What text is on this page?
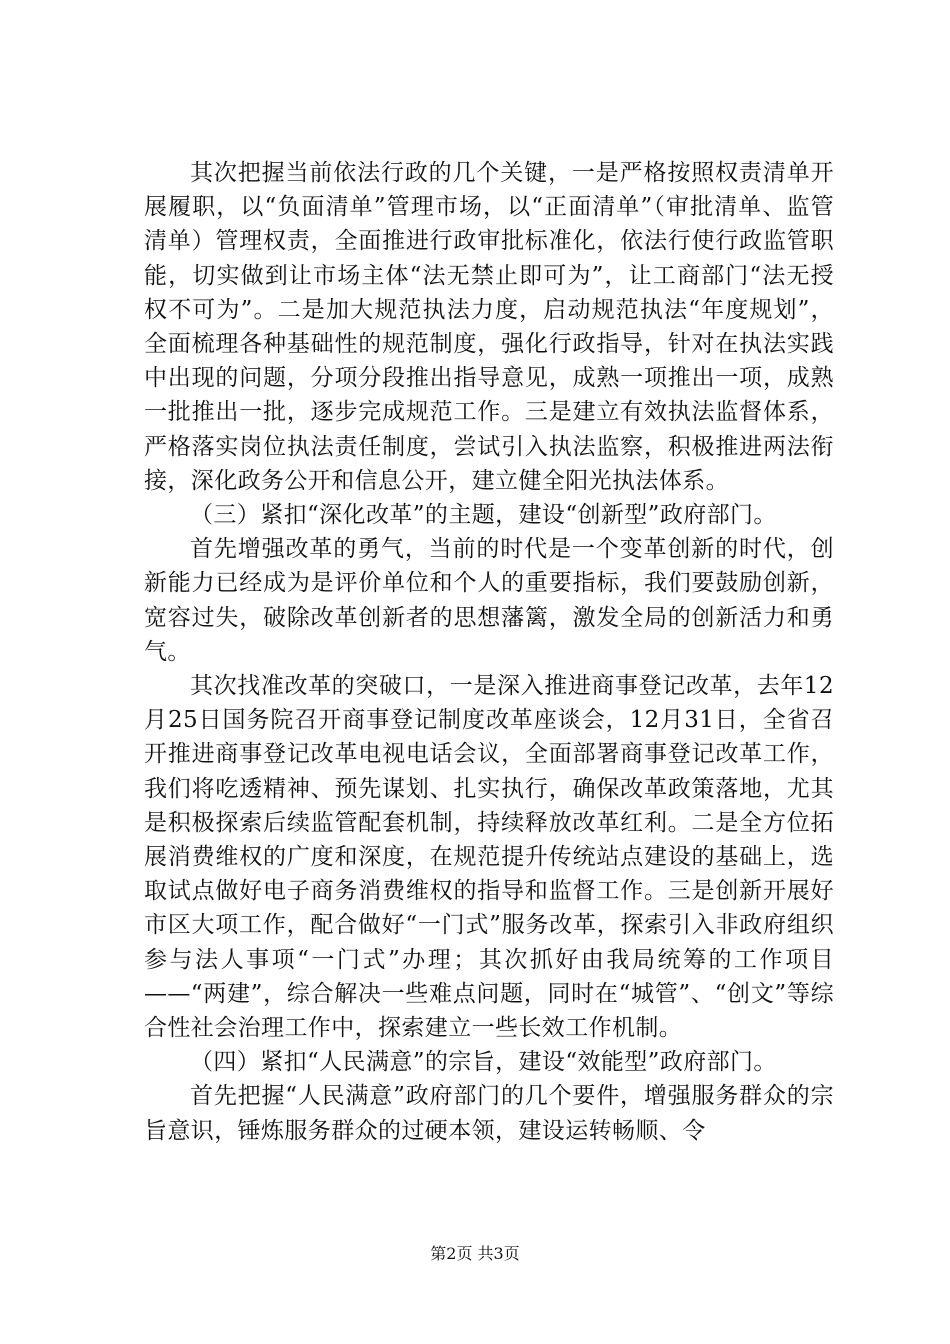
其次把握当前依法行政的几个关键，一是严格按照权责清单开展履职，以“负面清单”管理市场，以“正面清单”（审批清单、监管清单）管理权责，全面推进行政审批标准化，依法行使行政监管职能，切实做到让市场主体“法无禁止即可为”，让工商部门“法无授权不可为”。二是加大规范执法力度，启动规范执法“年度规划”，全面梳理各种基础性的规范制度，强化行政指导，针对在执法实践中出现的问题，分项分段推出指导意见，成熟一项推出一项，成熟一批推出一批，逐步完成规范工作。三是建立有效执法监督体系，严格落实岗位执法责任制度，尝试引入执法监察，积极推进两法衔接，深化政务公开和信息公开，建立健全阳光执法体系。

（三）紧扣“深化改革”的主题，建设“创新型”政府部门。

首先增强改革的勇气，当前的时代是一个变革创新的时代，创新能力已经成为是评价单位和个人的重要指标，我们要鼓励创新，宽容过失，破除改革创新者的思想藩篱，激发全局的创新活力和勇气。

其次找准改革的突破口，一是深入推进商事登记改革，去年12月25日国务院召开商事登记制度改革座谈会，12月31日，全省召开推进商事登记改革电视电话会议，全面部署商事登记改革工作，我们将吃透精神、预先谋划、扎实执行，确保改革政策落地，尤其是积极探索后续监管配套机制，持续释放改革红利。二是全方位拓展消费维权的广度和深度，在规范提升传统站点建设的基础上，选取试点做好电子商务消费维权的指导和监督工作。三是创新开展好市区大项工作，配合做好“一门式”服务改革，探索引入非政府组织参与法人事项“一门式”办理；其次抓好由我局统筹的工作项目——“两建”，综合解决一些难点问题，同时在“城管”、“创文”等综合性社会治理工作中，探索建立一些长效工作机制。

（四）紧扣“人民满意”的宗旨，建设“效能型”政府部门。

首先把握“人民满意”政府部门的几个要件，增强服务群众的宗旨意识，锤炼服务群众的过硬本领，建设运转畅顺、令

第2页 共3页
